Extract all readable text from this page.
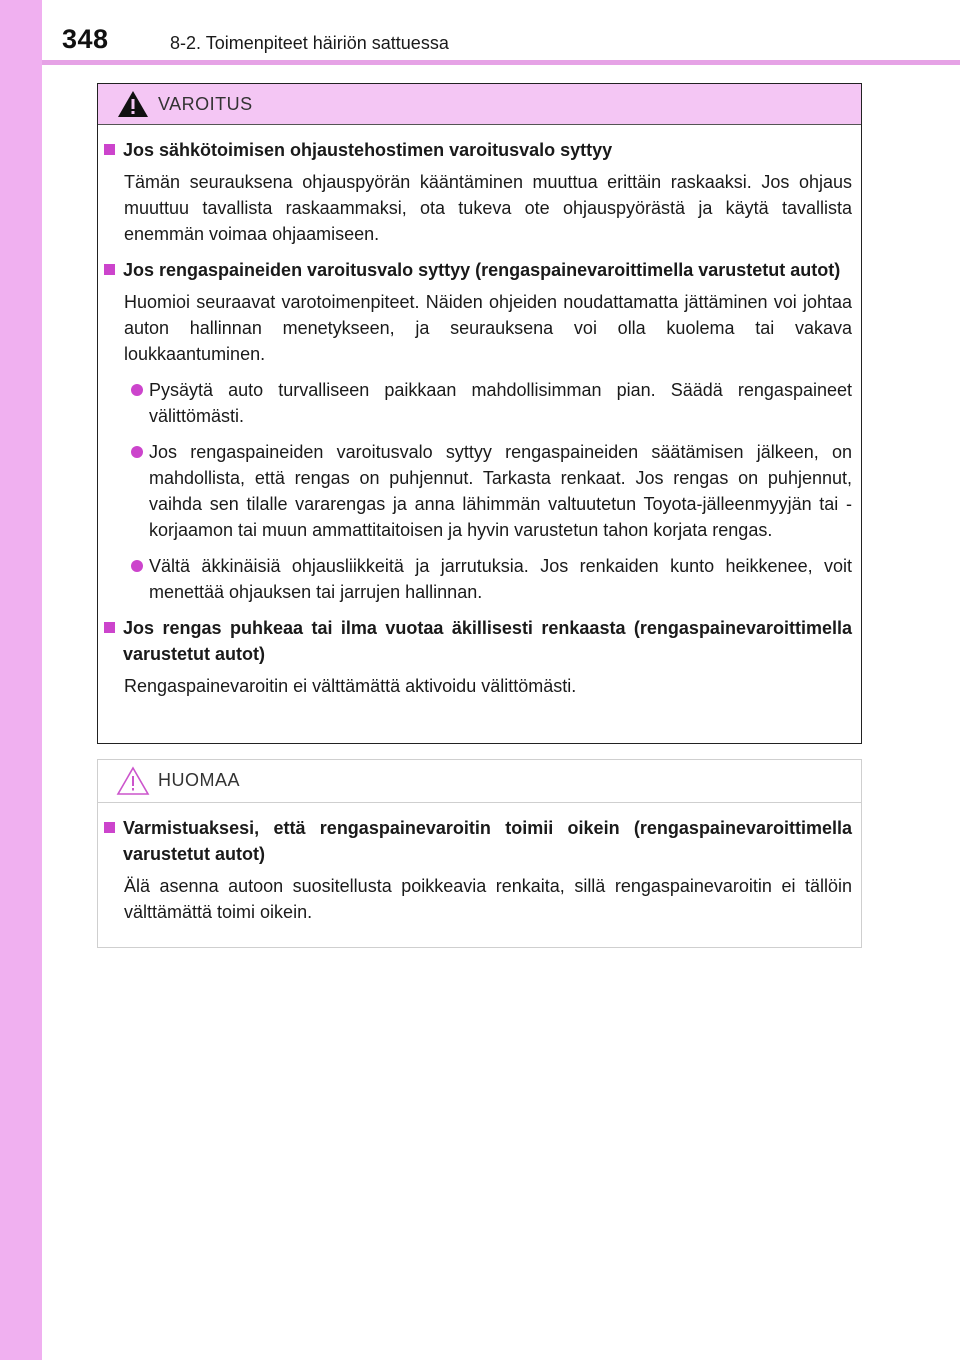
348	8-2. Toimenpiteet häiriön sattuessa
VAROITUS
Jos sähkötoimisen ohjaustehostimen varoitusvalo syttyy
Tämän seurauksena ohjauspyörän kääntäminen muuttua erittäin raskaaksi. Jos ohjaus muuttuu tavallista raskaammaksi, ota tukeva ote ohjauspyörästä ja käytä tavallista enemmän voimaa ohjaamiseen.
Jos rengaspaineiden varoitusvalo syttyy (rengaspainevaroittimella varustetut autot)
Huomioi seuraavat varotoimenpiteet. Näiden ohjeiden noudattamatta jättäminen voi johtaa auton hallinnan menetykseen, ja seurauksena voi olla kuolema tai vakava loukkaantuminen.
Pysäytä auto turvalliseen paikkaan mahdollisimman pian. Säädä rengaspaineet välittömästi.
Jos rengaspaineiden varoitusvalo syttyy rengaspaineiden säätämisen jälkeen, on mahdollista, että rengas on puhjennut. Tarkasta renkaat. Jos rengas on puhjennut, vaihda sen tilalle vararengas ja anna lähimmän valtuutetun Toyota-jälleenmyyjän tai -korjaamon tai muun ammattitaitoisen ja hyvin varustetun tahon korjata rengas.
Vältä äkkinäisiä ohjausliikkeitä ja jarrutuksia. Jos renkaiden kunto heikkenee, voit menettää ohjauksen tai jarrujen hallinnan.
Jos rengas puhkeaa tai ilma vuotaa äkillisesti renkaasta (rengaspainevaroittimella varustetut autot)
Rengaspainevaroitin ei välttämättä aktivoidu välittömästi.
HUOMAA
Varmistuaksesi, että rengaspainevaroitin toimii oikein (rengaspainevaroittimella varustetut autot)
Älä asenna autoon suositellusta poikkeavia renkaita, sillä rengaspainevaroitin ei tällöin välttämättä toimi oikein.
